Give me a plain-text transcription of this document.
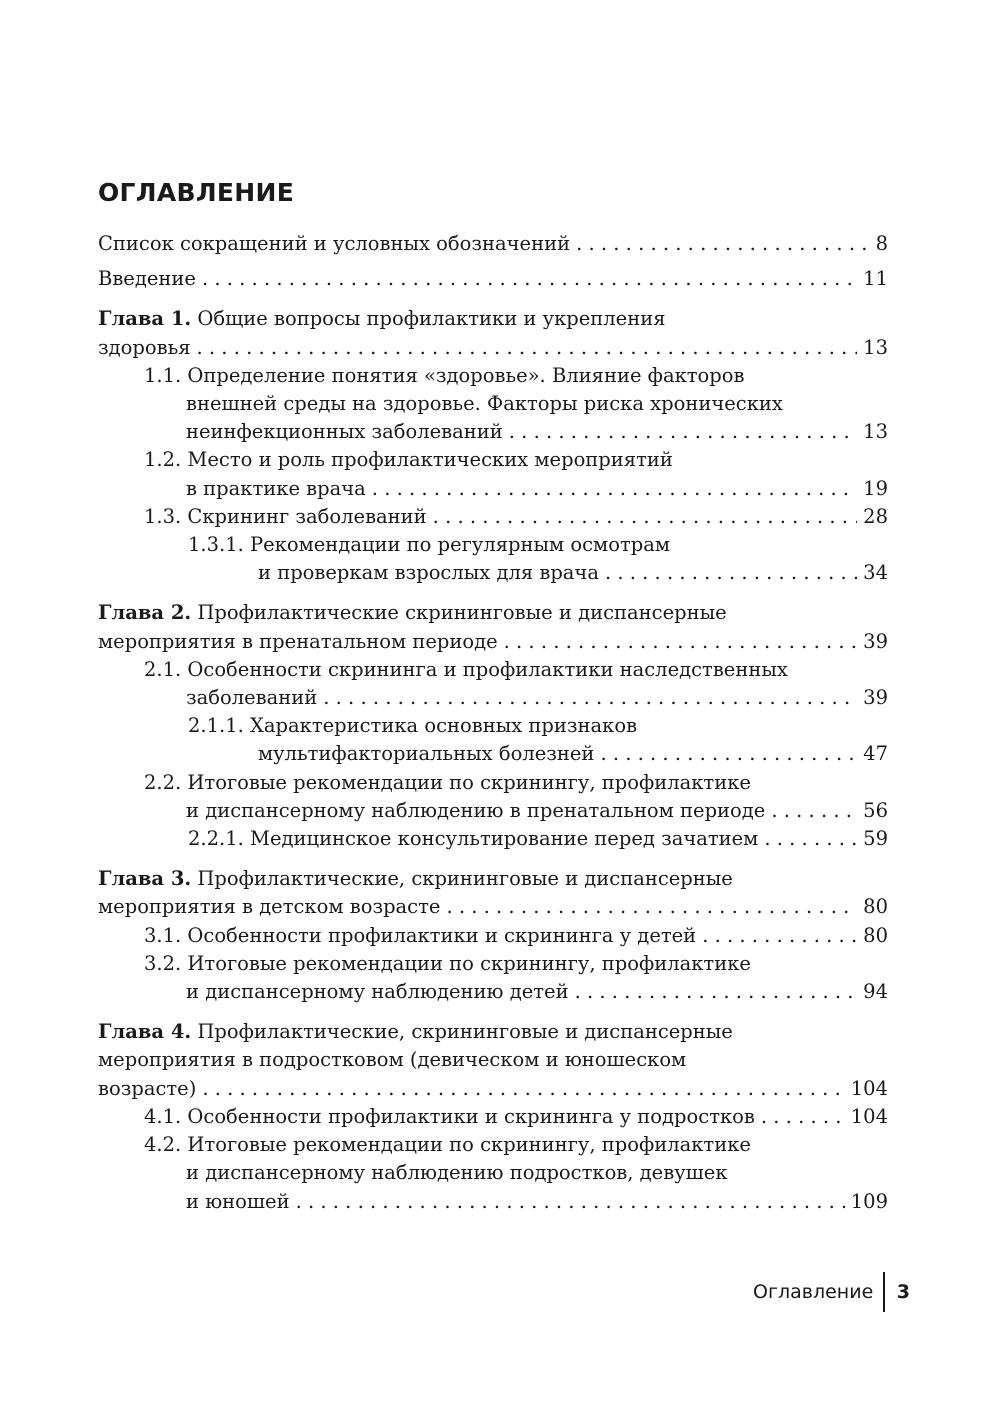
ОГЛАВЛЕНИЕ
Список сокращений и условных обозначений . . .	8
Введение . . .	11
Глава 1. Общие вопросы профилактики и укрепления
здоровья . . .	13
1.1. Определение понятия «здоровье». Влияние факторов
внешней среды на здоровье. Факторы риска хронических
неинфекционных заболеваний . . .	13
1.2. Место и роль профилактических мероприятий
в практике врача . . .	19
1.3. Скрининг заболеваний . . .	28
1.3.1. Рекомендации по регулярным осмотрам
и проверкам взрослых для врача . . .	34
Глава 2. Профилактические скрининговые и диспансерные
мероприятия в пренатальном периоде . . .	39
2.1. Особенности скрининга и профилактики наследственных
заболеваний . . .	39
2.1.1. Характеристика основных признаков
мультифакториальных болезней . . .	47
2.2. Итоговые рекомендации по скринингу, профилактике
и диспансерному наблюдению в пренатальном периоде . . .	56
2.2.1. Медицинское консультирование перед зачатием . . .	59
Глава 3. Профилактические, скрининговые и диспансерные
мероприятия в детском возрасте . . .	80
3.1. Особенности профилактики и скрининга у детей . . .	80
3.2. Итоговые рекомендации по скринингу, профилактике
и диспансерному наблюдению детей . . .	94
Глава 4. Профилактические, скрининговые и диспансерные
мероприятия в подростковом (девическом и юношеском
возрасте) . . .	104
4.1. Особенности профилактики и скрининга у подростков . . .	104
4.2. Итоговые рекомендации по скринингу, профилактике
и диспансерному наблюдению подростков, девушек
и юношей . . .	109
Оглавление	3
